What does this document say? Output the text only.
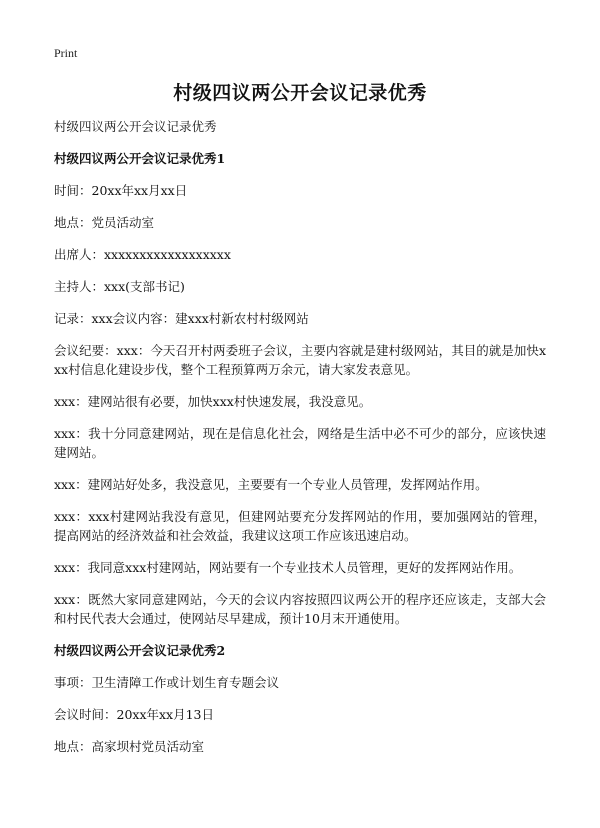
Print
村级四议两公开会议记录优秀
村级四议两公开会议记录优秀
村级四议两公开会议记录优秀1
时间：20xx年xx月xx日
地点：党员活动室
出席人：xxxxxxxxxxxxxxxxxx
主持人：xxx(支部书记)
记录：xxx会议内容：建xxx村新农村村级网站
会议纪要：xxx：今天召开村两委班子会议，主要内容就是建村级网站，其目的就是加快xxx村信息化建设步伐，整个工程预算两万余元，请大家发表意见。
xxx：建网站很有必要，加快xxx村快速发展，我没意见。
xxx：我十分同意建网站，现在是信息化社会，网络是生活中必不可少的部分，应该快速建网站。
xxx：建网站好处多，我没意见，主要要有一个专业人员管理，发挥网站作用。
xxx：xxx村建网站我没有意见，但建网站要充分发挥网站的作用，要加强网站的管理，提高网站的经济效益和社会效益，我建议这项工作应该迅速启动。
xxx：我同意xxx村建网站，网站要有一个专业技术人员管理，更好的发挥网站作用。
xxx：既然大家同意建网站，今天的会议内容按照四议两公开的程序还应该走，支部大会和村民代表大会通过，使网站尽早建成，预计10月末开通使用。
村级四议两公开会议记录优秀2
事项：卫生清障工作或计划生育专题会议
会议时间：20xx年xx月13日
地点：高家坝村党员活动室
